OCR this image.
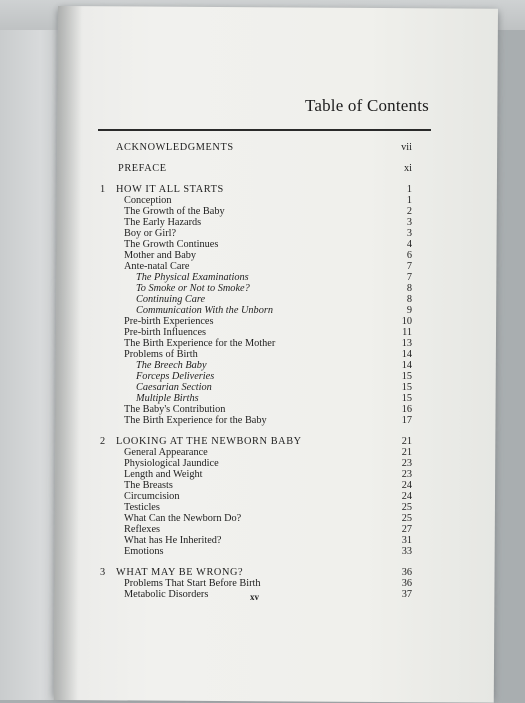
Table of Contents
ACKNOWLEDGMENTS	vii
PREFACE	xi
1 HOW IT ALL STARTS	1
Conception	1
The Growth of the Baby	2
The Early Hazards	3
Boy or Girl?	3
The Growth Continues	4
Mother and Baby	6
Ante-natal Care	7
The Physical Examinations	7
To Smoke or Not to Smoke?	8
Continuing Care	8
Communication With the Unborn	9
Pre-birth Experiences	10
Pre-birth Influences	11
The Birth Experience for the Mother	13
Problems of Birth	14
The Breech Baby	14
Forceps Deliveries	15
Caesarian Section	15
Multiple Births	15
The Baby's Contribution	16
The Birth Experience for the Baby	17
2 LOOKING AT THE NEWBORN BABY	21
General Appearance	21
Physiological Jaundice	23
Length and Weight	23
The Breasts	24
Circumcision	24
Testicles	25
What Can the Newborn Do?	25
Reflexes	27
What has He Inherited?	31
Emotions	33
3 WHAT MAY BE WRONG?	36
Problems That Start Before Birth	36
Metabolic Disorders	37
xv
